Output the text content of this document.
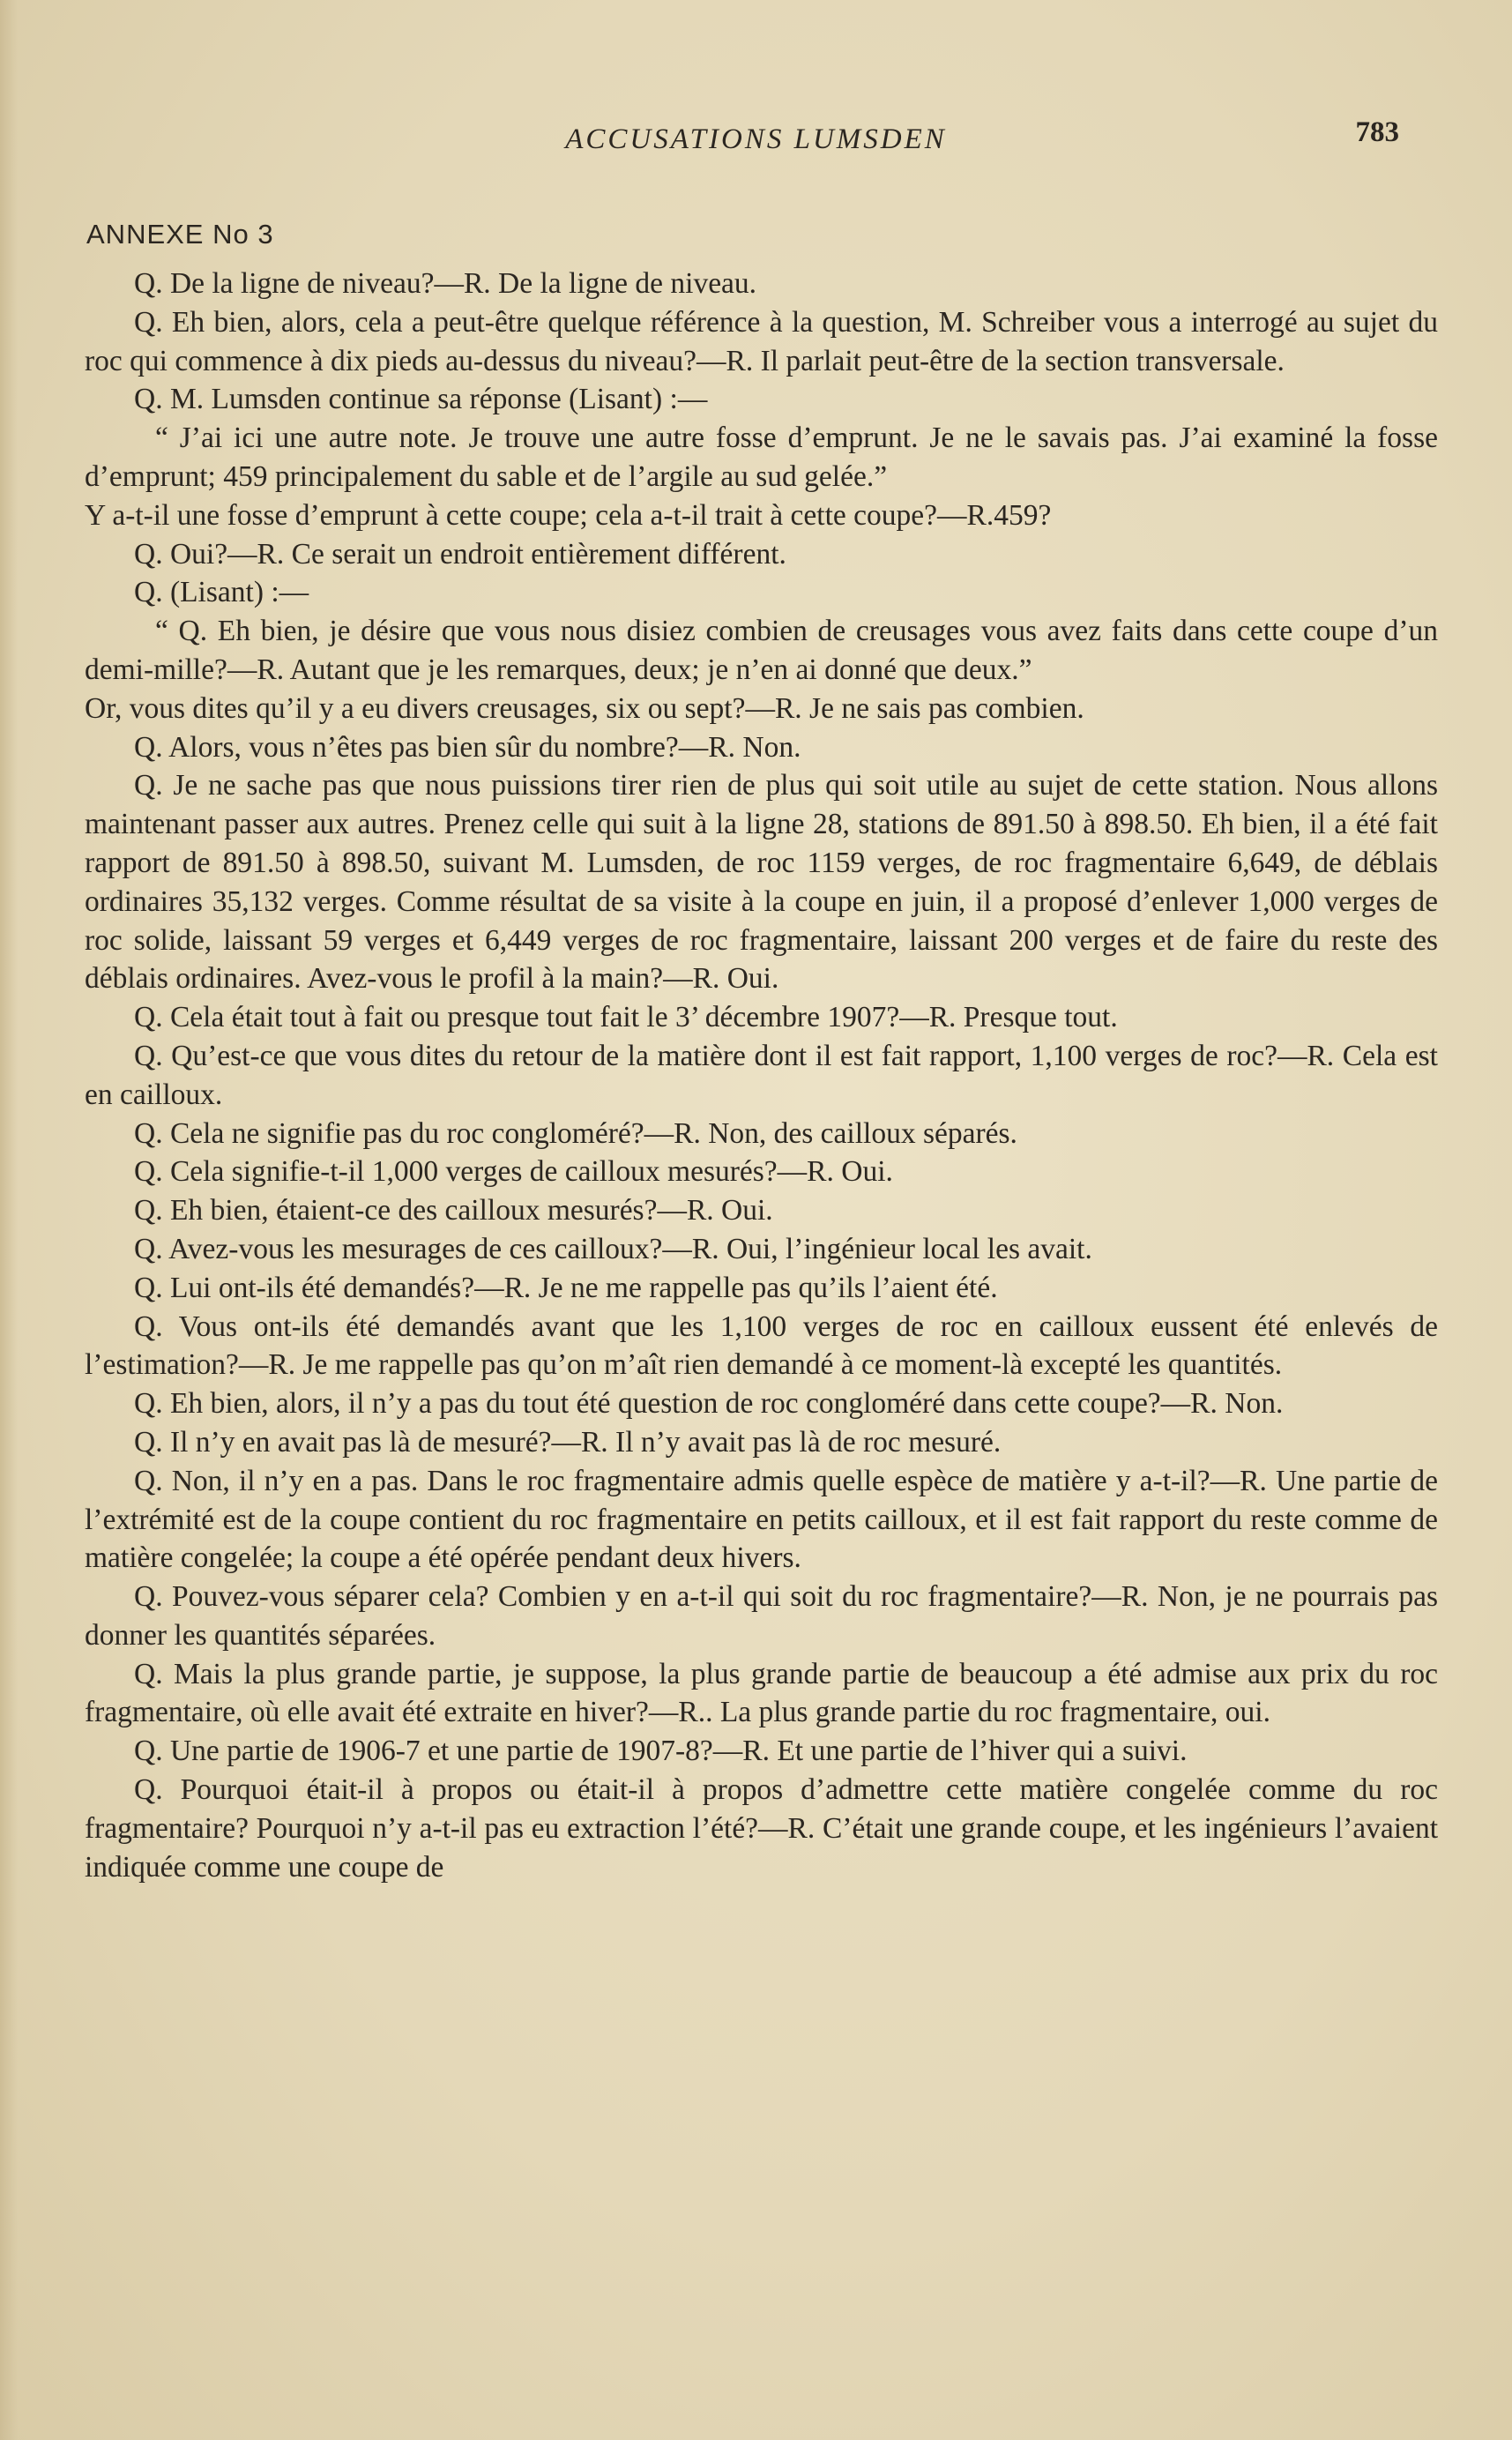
ACCUSATIONS LUMSDEN	783
ANNEXE No 3

Q. De la ligne de niveau?—R. De la ligne de niveau.

Q. Eh bien, alors, cela a peut-être quelque référence à la question, M. Schreiber vous a interrogé au sujet du roc qui commence à dix pieds au-dessus du niveau?—R. Il parlait peut-être de la section transversale.

Q. M. Lumsden continue sa réponse (Lisant) :—

“ J’ai ici une autre note. Je trouve une autre fosse d’emprunt. Je ne le savais pas. J’ai examiné la fosse d’emprunt; 459 principalement du sable et de l’argile au sud gelée.”

Y a-t-il une fosse d’emprunt à cette coupe; cela a-t-il trait à cette coupe?—R.459?

Q. Oui?—R. Ce serait un endroit entièrement différent.

Q. (Lisant) :—

“ Q. Eh bien, je désire que vous nous disiez combien de creusages vous avez faits dans cette coupe d’un demi-mille?—R. Autant que je les remarques, deux; je n’en ai donné que deux.”

Or, vous dites qu’il y a eu divers creusages, six ou sept?—R. Je ne sais pas combien.

Q. Alors, vous n’êtes pas bien sûr du nombre?—R. Non.

Q. Je ne sache pas que nous puissions tirer rien de plus qui soit utile au sujet de cette station. Nous allons maintenant passer aux autres. Prenez celle qui suit à la ligne 28, stations de 891.50 à 898.50. Eh bien, il a été fait rapport de 891.50 à 898.50, suivant M. Lumsden, de roc 1159 verges, de roc fragmentaire 6,649, de déblais ordinaires 35,132 verges. Comme résultat de sa visite à la coupe en juin, il a proposé d’enlever 1,000 verges de roc solide, laissant 59 verges et 6,449 verges de roc fragmentaire, laissant 200 verges et de faire du reste des déblais ordinaires. Avez-vous le profil à la main?—R. Oui.

Q. Cela était tout à fait ou presque tout fait le 3’ décembre 1907?—R. Presque tout.

Q. Qu’est-ce que vous dites du retour de la matière dont il est fait rapport, 1,100 verges de roc?—R. Cela est en cailloux.

Q. Cela ne signifie pas du roc congloméré?—R. Non, des cailloux séparés.

Q. Cela signifie-t-il 1,000 verges de cailloux mesurés?—R. Oui.

Q. Eh bien, étaient-ce des cailloux mesurés?—R. Oui.

Q. Avez-vous les mesurages de ces cailloux?—R. Oui, l’ingénieur local les avait.

Q. Lui ont-ils été demandés?—R. Je ne me rappelle pas qu’ils l’aient été.

Q. Vous ont-ils été demandés avant que les 1,100 verges de roc en cailloux eussent été enlevés de l’estimation?—R. Je me rappelle pas qu’on m’aît rien demandé à ce moment-là excepté les quantités.

Q. Eh bien, alors, il n’y a pas du tout été question de roc congloméré dans cette coupe?—R. Non.

Q. Il n’y en avait pas là de mesuré?—R. Il n’y avait pas là de roc mesuré.

Q. Non, il n’y en a pas. Dans le roc fragmentaire admis quelle espèce de matière y a-t-il?—R. Une partie de l’extrémité est de la coupe contient du roc fragmentaire en petits cailloux, et il est fait rapport du reste comme de matière congelée; la coupe a été opérée pendant deux hivers.

Q. Pouvez-vous séparer cela? Combien y en a-t-il qui soit du roc fragmentaire?—R. Non, je ne pourrais pas donner les quantités séparées.

Q. Mais la plus grande partie, je suppose, la plus grande partie de beaucoup a été admise aux prix du roc fragmentaire, où elle avait été extraite en hiver?—R.. La plus grande partie du roc fragmentaire, oui.

Q. Une partie de 1906-7 et une partie de 1907-8?—R. Et une partie de l’hiver qui a suivi.

Q. Pourquoi était-il à propos ou était-il à propos d’admettre cette matière congelée comme du roc fragmentaire? Pourquoi n’y a-t-il pas eu extraction l’été?—R. C’était une grande coupe, et les ingénieurs l’avaient indiquée comme une coupe de
